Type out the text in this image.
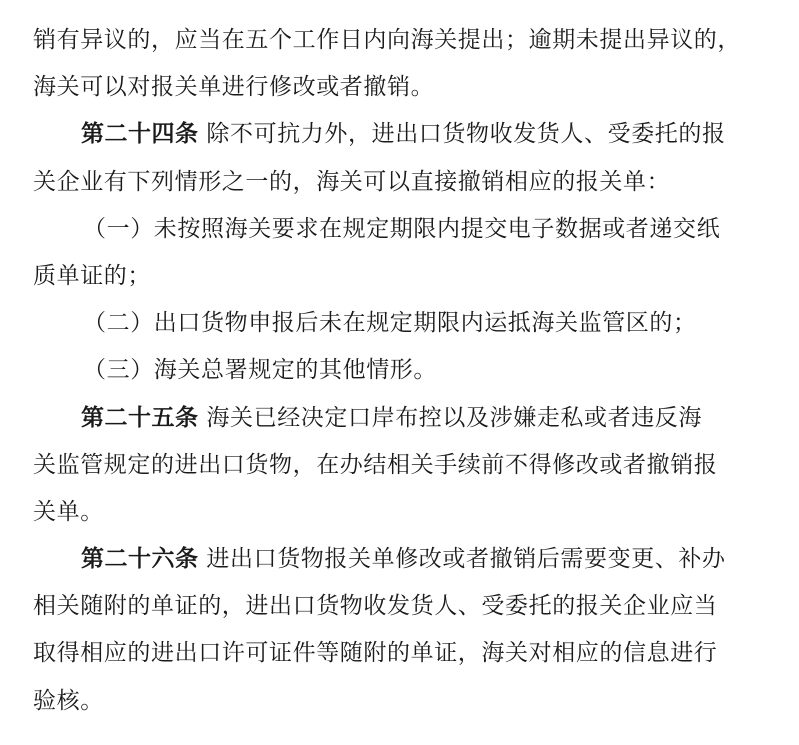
销有异议的，应当在五个工作日内向海关提出；逾期未提出异议的，
海关可以对报关单进行修改或者撤销。
第二十四条 除不可抗力外，进出口货物收发货人、受委托的报
关企业有下列情形之一的，海关可以直接撤销相应的报关单：
（一）未按照海关要求在规定期限内提交电子数据或者递交纸
质单证的；
（二）出口货物申报后未在规定期限内运抵海关监管区的；
（三）海关总署规定的其他情形。
第二十五条 海关已经决定口岸布控以及涉嫌走私或者违反海
关监管规定的进出口货物，在办结相关手续前不得修改或者撤销报
关单。
第二十六条 进出口货物报关单修改或者撤销后需要变更、补办
相关随附的单证的，进出口货物收发货人、受委托的报关企业应当
取得相应的进出口许可证件等随附的单证，海关对相应的信息进行
验核。
